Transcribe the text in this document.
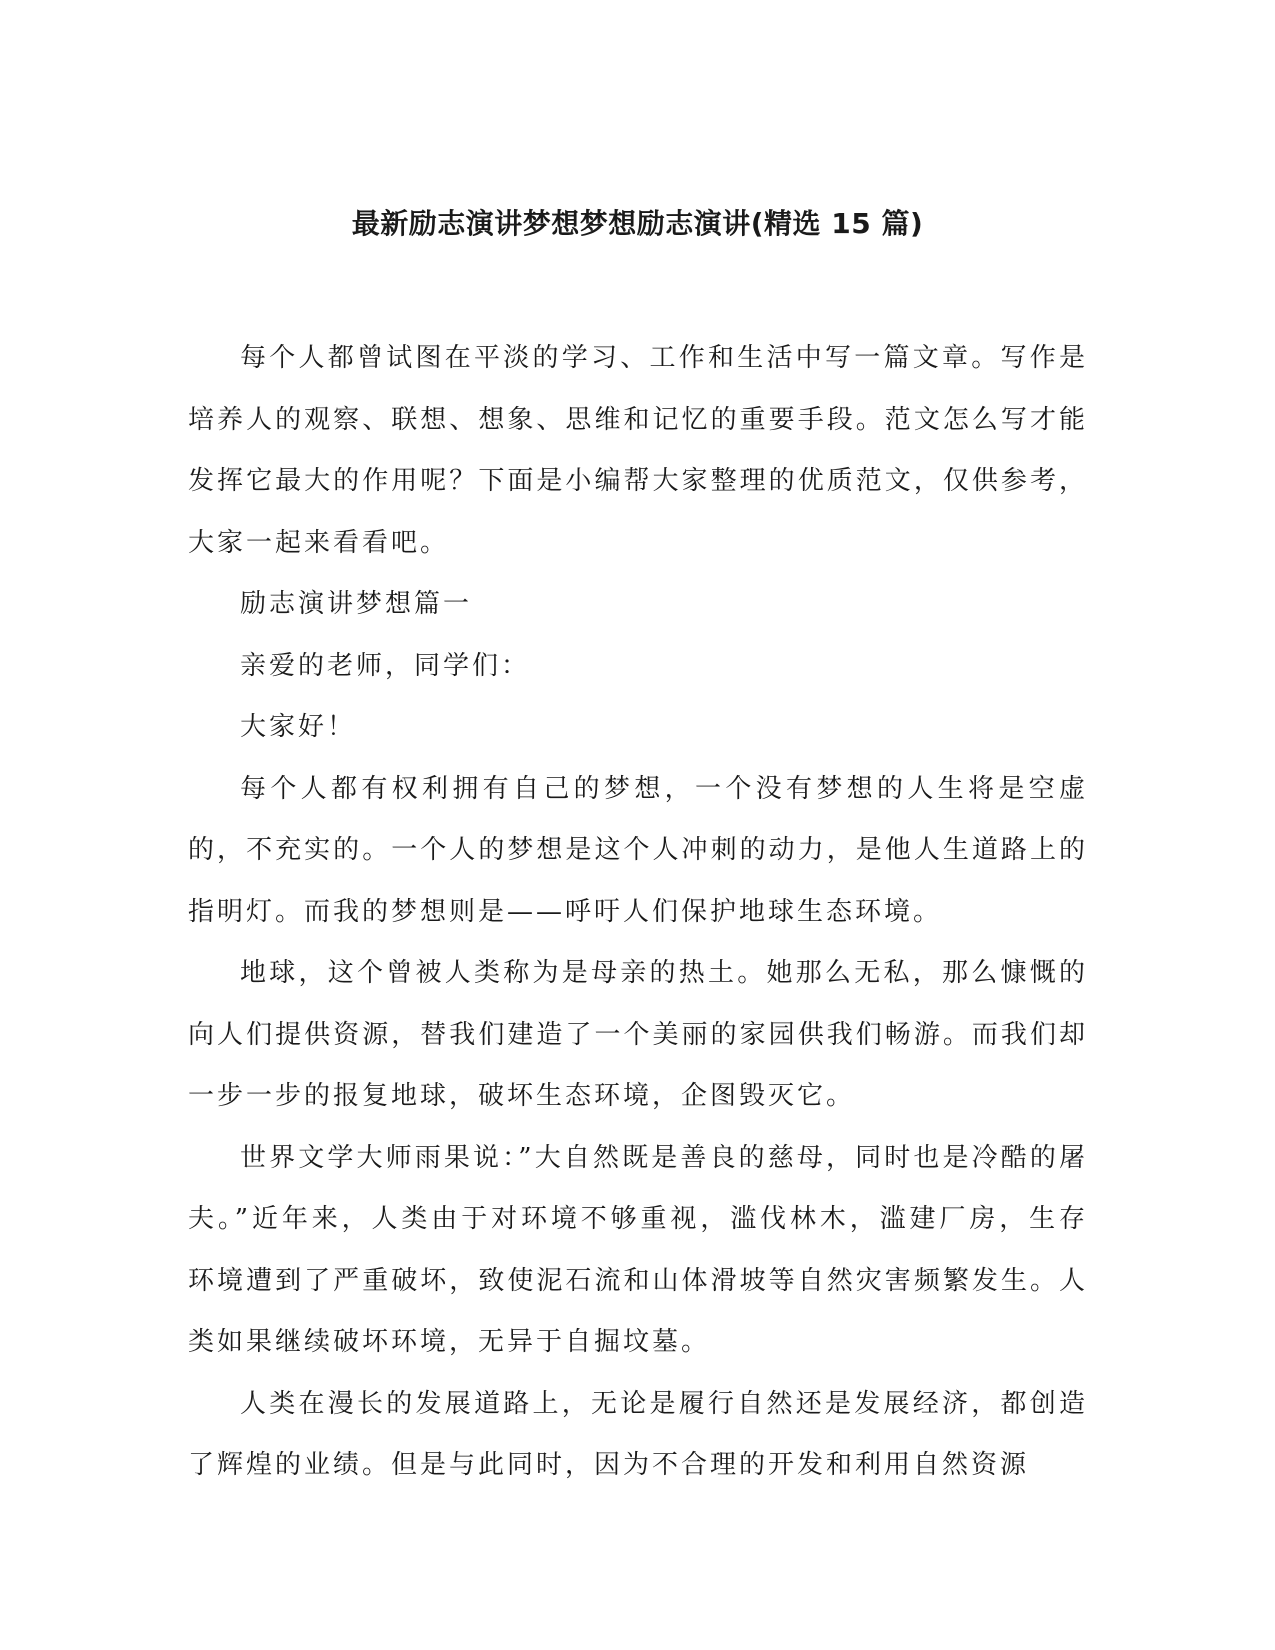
最新励志演讲梦想梦想励志演讲(精选 15 篇)

每个人都曾试图在平淡的学习、工作和生活中写一篇文章。写作是培养人的观察、联想、想象、思维和记忆的重要手段。范文怎么写才能发挥它最大的作用呢？下面是小编帮大家整理的优质范文，仅供参考，大家一起来看看吧。

励志演讲梦想篇一

亲爱的老师，同学们：

大家好！

每个人都有权利拥有自己的梦想，一个没有梦想的人生将是空虚的，不充实的。一个人的梦想是这个人冲刺的动力，是他人生道路上的指明灯。而我的梦想则是——呼吁人们保护地球生态环境。

地球，这个曾被人类称为是母亲的热土。她那么无私，那么慷慨的向人们提供资源，替我们建造了一个美丽的家园供我们畅游。而我们却一步一步的报复地球，破坏生态环境，企图毁灭它。

世界文学大师雨果说：”大自然既是善良的慈母，同时也是冷酷的屠夫。”近年来，人类由于对环境不够重视，滥伐林木，滥建厂房，生存环境遭到了严重破坏，致使泥石流和山体滑坡等自然灾害频繁发生。人类如果继续破坏环境，无异于自掘坟墓。

人类在漫长的发展道路上，无论是履行自然还是发展经济，都创造了辉煌的业绩。但是与此同时，因为不合理的开发和利用自然资源
